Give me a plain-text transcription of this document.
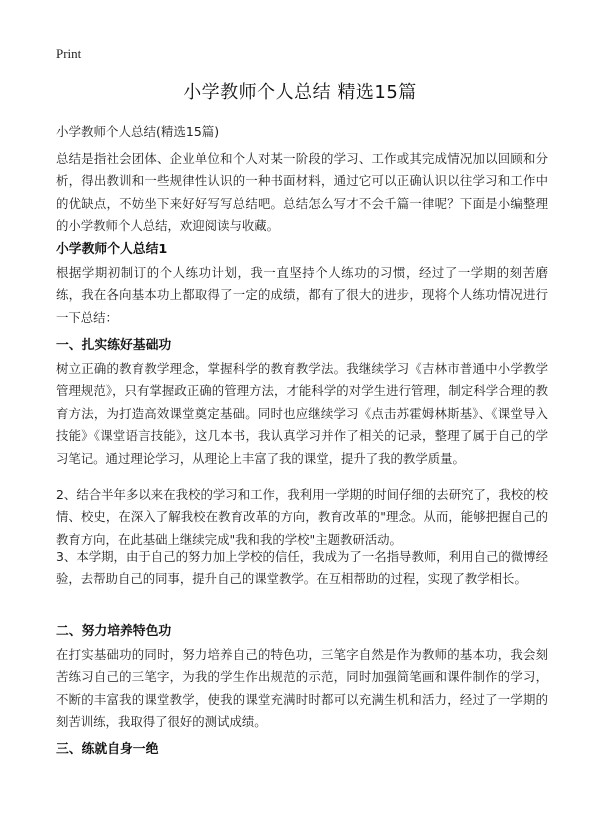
Print
小学教师个人总结 精选15篇
小学教师个人总结(精选15篇)
总结是指社会团体、企业单位和个人对某一阶段的学习、工作或其完成情况加以回顾和分析，得出教训和一些规律性认识的一种书面材料，通过它可以正确认识以往学习和工作中的优缺点，不妨坐下来好好写写总结吧。总结怎么写才不会千篇一律呢？下面是小编整理的小学教师个人总结，欢迎阅读与收藏。
小学教师个人总结1
根据学期初制订的个人练功计划，我一直坚持个人练功的习惯，经过了一学期的刻苦磨练，我在各向基本功上都取得了一定的成绩，都有了很大的进步，现将个人练功情况进行一下总结：
一、扎实练好基础功
树立正确的教育教学理念，掌握科学的教育教学法。我继续学习《吉林市普通中小学教学管理规范》，只有掌握政正确的管理方法，才能科学的对学生进行管理，制定科学合理的教育方法，为打造高效课堂奠定基础。同时也应继续学习《点击苏霍姆林斯基》、《课堂导入技能》《课堂语言技能》，这几本书，我认真学习并作了相关的记录，整理了属于自己的学习笔记。通过理论学习，从理论上丰富了我的课堂，提升了我的教学质量。
2、结合半年多以来在我校的学习和工作，我利用一学期的时间仔细的去研究了，我校的校情、校史，在深入了解我校在教育改革的方向，教育改革的"理念。从而，能够把握自己的教育方向，在此基础上继续完成"我和我的学校"主题教研活动。
3、本学期，由于自己的努力加上学校的信任，我成为了一名指导教师，利用自己的微博经验，去帮助自己的同事，提升自己的课堂教学。在互相帮助的过程，实现了教学相长。
二、努力培养特色功
在打实基础功的同时，努力培养自己的特色功，三笔字自然是作为教师的基本功，我会刻苦练习自己的三笔字，为我的学生作出规范的示范，同时加强简笔画和课件制作的学习，不断的丰富我的课堂教学，使我的课堂充满时时都可以充满生机和活力，经过了一学期的刻苦训练，我取得了很好的测试成绩。
三、练就自身一绝
